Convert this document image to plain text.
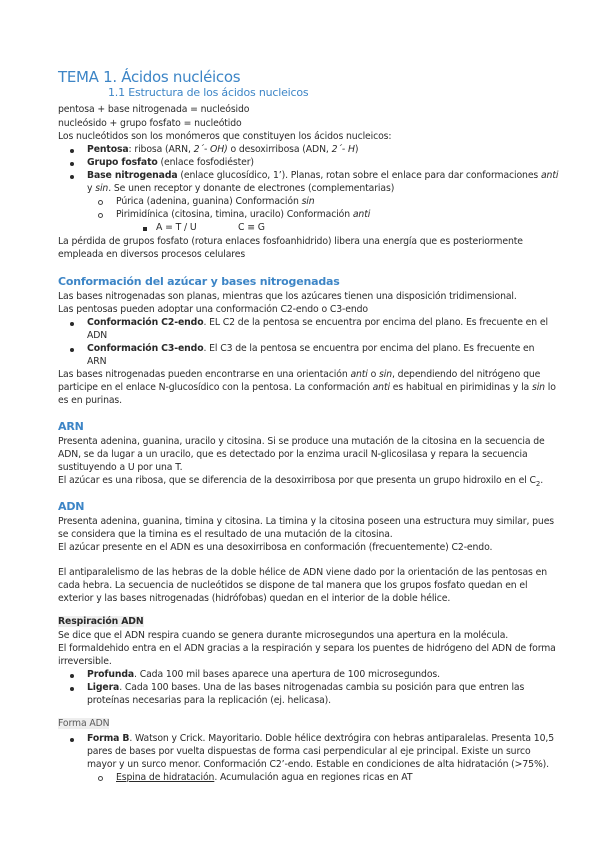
TEMA 1. Ácidos nucléicos
1.1 Estructura de los ácidos nucleicos
pentosa + base nitrogenada = nucleósido
nucleósido + grupo fosfato = nucleótido
Los nucleótidos son los monómeros que constituyen los ácidos nucleicos:
Pentosa: ribosa (ARN, 2´- OH) o desoxirribosa (ADN, 2´- H)
Grupo fosfato (enlace fosfodiéster)
Base nitrogenada (enlace glucosídico, 1’). Planas, rotan sobre el enlace para dar conformaciones anti
y sin. Se unen receptor y donante de electrones (complementarias)
Púrica (adenina, guanina) Conformación sin
Pirimidínica (citosina, timina, uracilo) Conformación anti
A = T / U	C ≡ G
La pérdida de grupos fosfato (rotura enlaces fosfoanhidrido) libera una energía que es posteriormente
empleada en diversos procesos celulares
Conformación del azúcar y bases nitrogenadas
Las bases nitrogenadas son planas, mientras que los azúcares tienen una disposición tridimensional.
Las pentosas pueden adoptar una conformación C2-endo o C3-endo
Conformación C2-endo. EL C2 de la pentosa se encuentra por encima del plano. Es frecuente en el
ADN
Conformación C3-endo. El C3 de la pentosa se encuentra por encima del plano. Es frecuente en
ARN
Las bases nitrogenadas pueden encontrarse en una orientación anti o sin, dependiendo del nitrógeno que
participe en el enlace N-glucosídico con la pentosa. La conformación anti es habitual en pirimidinas y la sin lo
es en purinas.
ARN
Presenta adenina, guanina, uracilo y citosina. Si se produce una mutación de la citosina en la secuencia de
ADN, se da lugar a un uracilo, que es detectado por la enzima uracil N-glicosilasa y repara la secuencia
sustituyendo a U por una T.
El azúcar es una ribosa, que se diferencia de la desoxirribosa por que presenta un grupo hidroxilo en el $C_2$.
ADN
Presenta adenina, guanina, timina y citosina. La timina y la citosina poseen una estructura muy similar, pues
se considera que la timina es el resultado de una mutación de la citosina.
El azúcar presente en el ADN es una desoxirribosa en conformación (frecuentemente) C2-endo.
El antiparalelismo de las hebras de la doble hélice de ADN viene dado por la orientación de las pentosas en
cada hebra. La secuencia de nucleótidos se dispone de tal manera que los grupos fosfato quedan en el
exterior y las bases nitrogenadas (hidrófobas) quedan en el interior de la doble hélice.
Respiración ADN
Se dice que el ADN respira cuando se genera durante microsegundos una apertura en la molécula.
El formaldehido entra en el ADN gracias a la respiración y separa los puentes de hidrógeno del ADN de forma
irreversible.
Profunda. Cada 100 mil bases aparece una apertura de 100 microsegundos.
Ligera. Cada 100 bases. Una de las bases nitrogenadas cambia su posición para que entren las
proteínas necesarias para la replicación (ej. helicasa).
Forma ADN
Forma B. Watson y Crick. Mayoritario. Doble hélice dextrógira con hebras antiparalelas. Presenta 10,5
pares de bases por vuelta dispuestas de forma casi perpendicular al eje principal. Existe un surco
mayor y un surco menor. Conformación C2’-endo. Estable en condiciones de alta hidratación (>75%).
Espina de hidratación. Acumulación agua en regiones ricas en AT
